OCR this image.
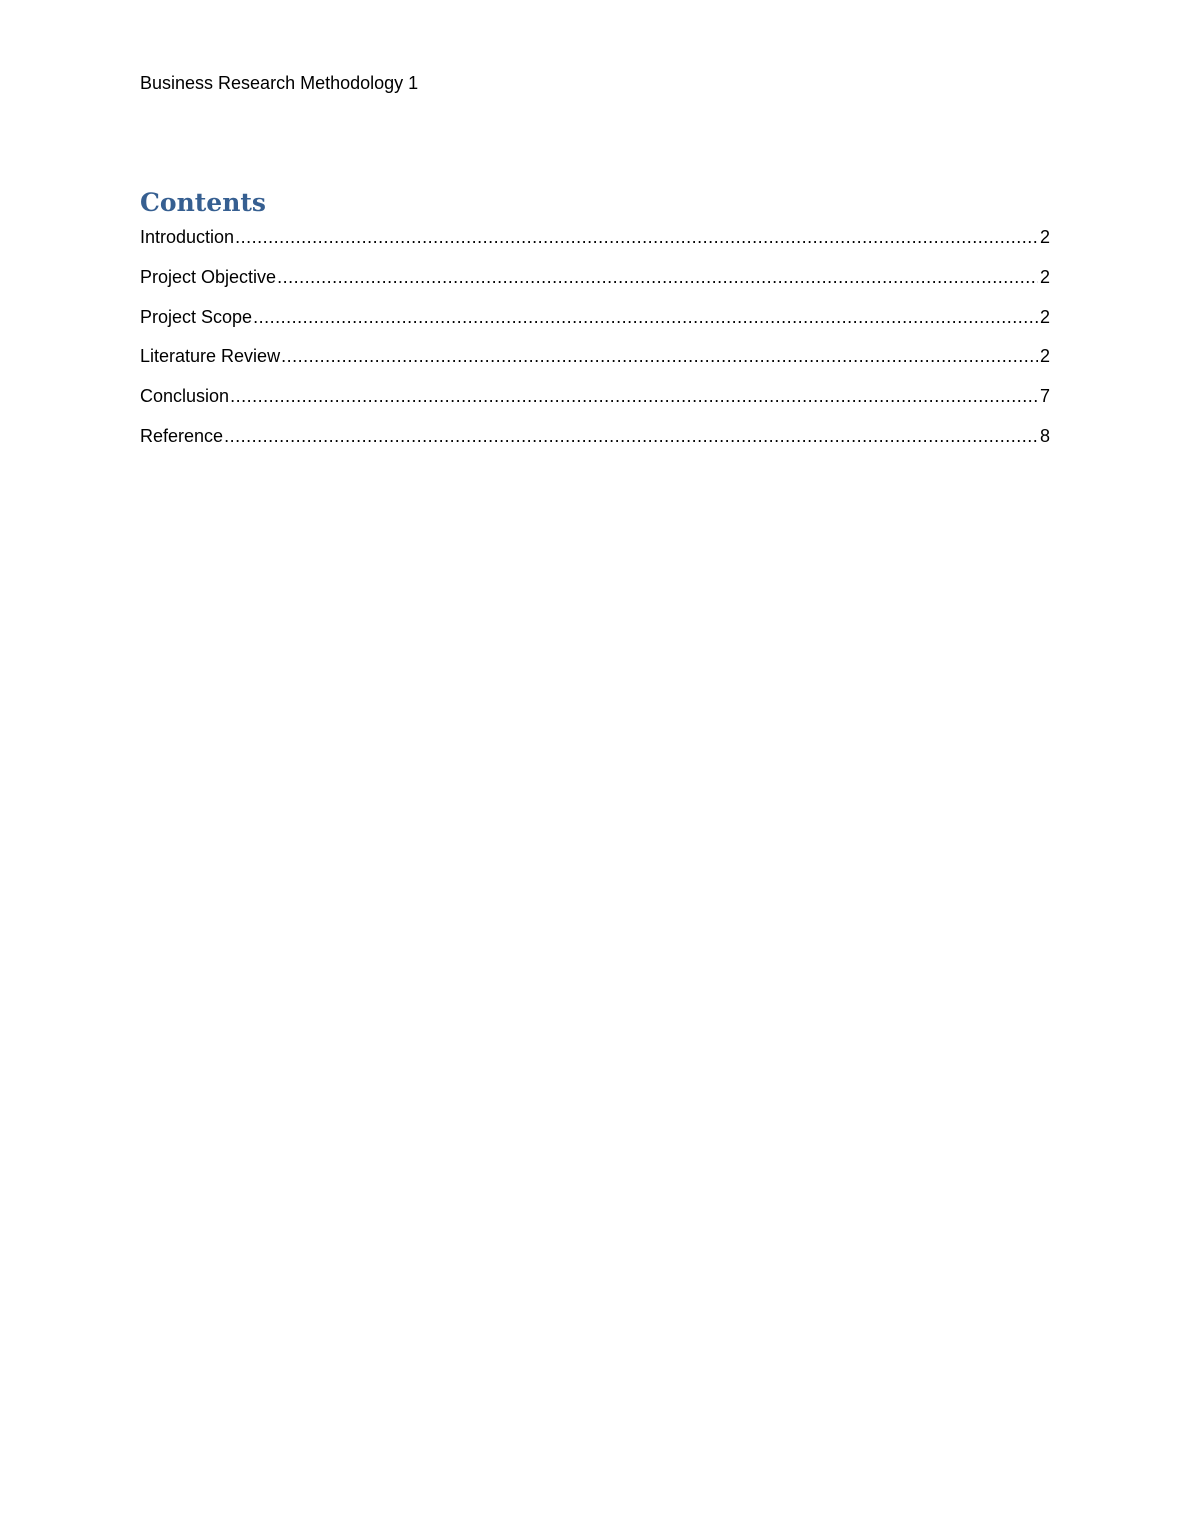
Business Research Methodology 1
Contents
Introduction .....	2
Project Objective .....	2
Project Scope .....	2
Literature Review .....	2
Conclusion .....	7
Reference .....	8
